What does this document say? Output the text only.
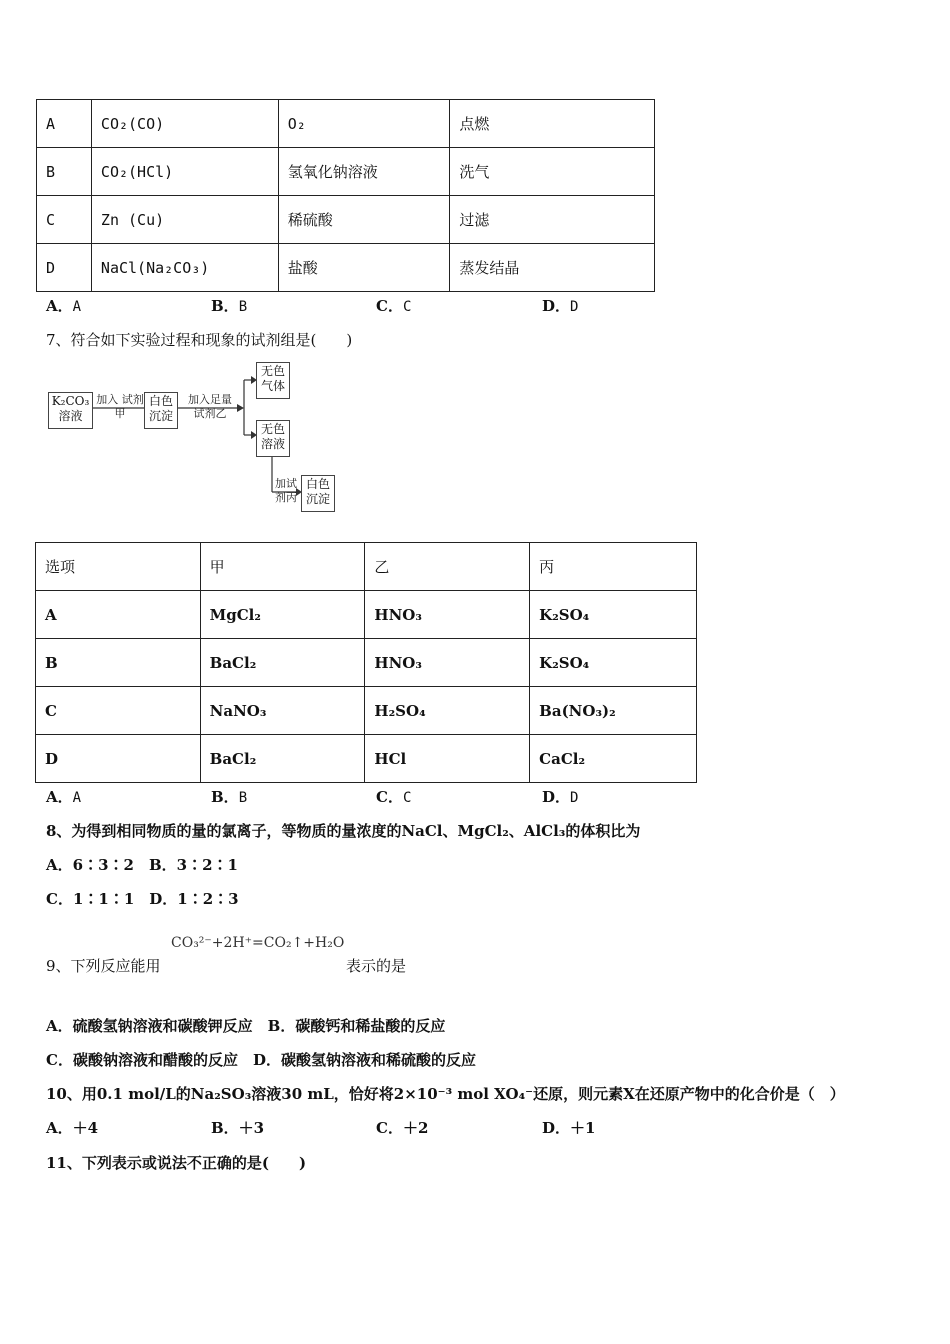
A	CO₂(CO)	O₂	点燃
B	CO₂(HCl)	氢氧化钠溶液	洗气
C	Zn (Cu)	稀硫酸	过滤
D	NaCl(Na₂CO₃)	盐酸	蒸发结晶
A．A	B．B	C．C	D．D
7、符合如下实验过程和现象的试剂组是(　　)
K₂CO₃ 溶液
加入 试剂甲
白色 沉淀
加入足量 试剂乙
无色 气体
无色 溶液
加试 剂丙
白色 沉淀
选项	甲	乙	丙
A	MgCl₂	HNO₃	K₂SO₄
B	BaCl₂	HNO₃	K₂SO₄
C	NaNO₃	H₂SO₄	Ba(NO₃)₂
D	BaCl₂	HCl	CaCl₂
A．A	B．B	C．C	D．D
8、为得到相同物质的量的氯离子，等物质的量浓度的NaCl、MgCl₂、AlCl₃的体积比为
A．6∶3∶2　B．3∶2∶1
C．1∶1∶1　D．1∶2∶3
9、下列反应能用
CO₃²⁻+2H⁺=CO₂↑+H₂O
表示的是
A．硫酸氢钠溶液和碳酸钾反应　B．碳酸钙和稀盐酸的反应
C．碳酸钠溶液和醋酸的反应　D．碳酸氢钠溶液和稀硫酸的反应
10、用0.1 mol/L的Na₂SO₃溶液30 mL，恰好将2×10⁻³ mol XO₄⁻还原，则元素X在还原产物中的化合价是（　）
A．＋4	B．＋3	C．＋2	D．＋1
11、下列表示或说法不正确的是(　　)
